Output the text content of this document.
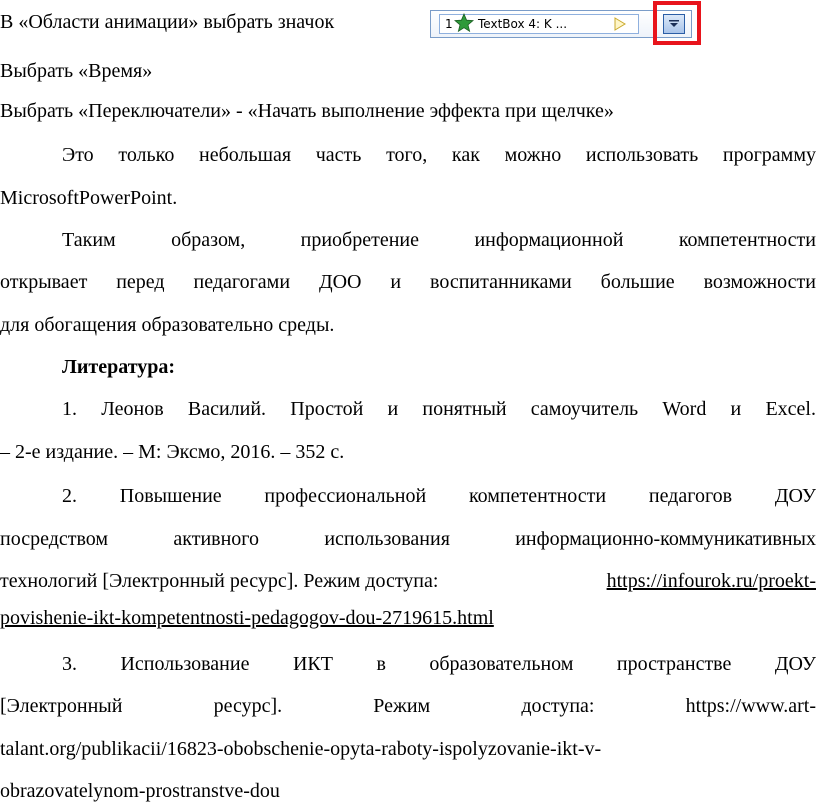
В «Области анимации» выбрать значок	1 TextBox 4: K ...
Выбрать «Время»
Выбрать «Переключатели» - «Начать выполнение эффекта при щелчке»
Это только небольшая часть того, как можно использовать программу
MicrosoftPowerPoint.
Таким образом, приобретение информационной компетентности
открывает перед педагогами ДОО и воспитанниками большие возможности
для обогащения образовательно среды.
Литература:
1. Леонов Василий. Простой и понятный самоучитель Word и Excel.
– 2-е издание. – М: Эксмо, 2016. – 352 с.
2. Повышение профессиональной компетентности педагогов ДОУ
посредством активного использования информационно-коммуникативных
технологий [Электронный ресурс]. Режим доступа:	https://infourok.ru/proekt-
povishenie-ikt-kompetentnosti-pedagogov-dou-2719615.html
3. Использование ИКТ в образовательном пространстве ДОУ
[Электронный ресурс]. Режим доступа: https://www.art-
talant.org/publikacii/16823-obobschenie-opyta-raboty-ispolyzovanie-ikt-v-
obrazovatelynom-prostranstve-dou
